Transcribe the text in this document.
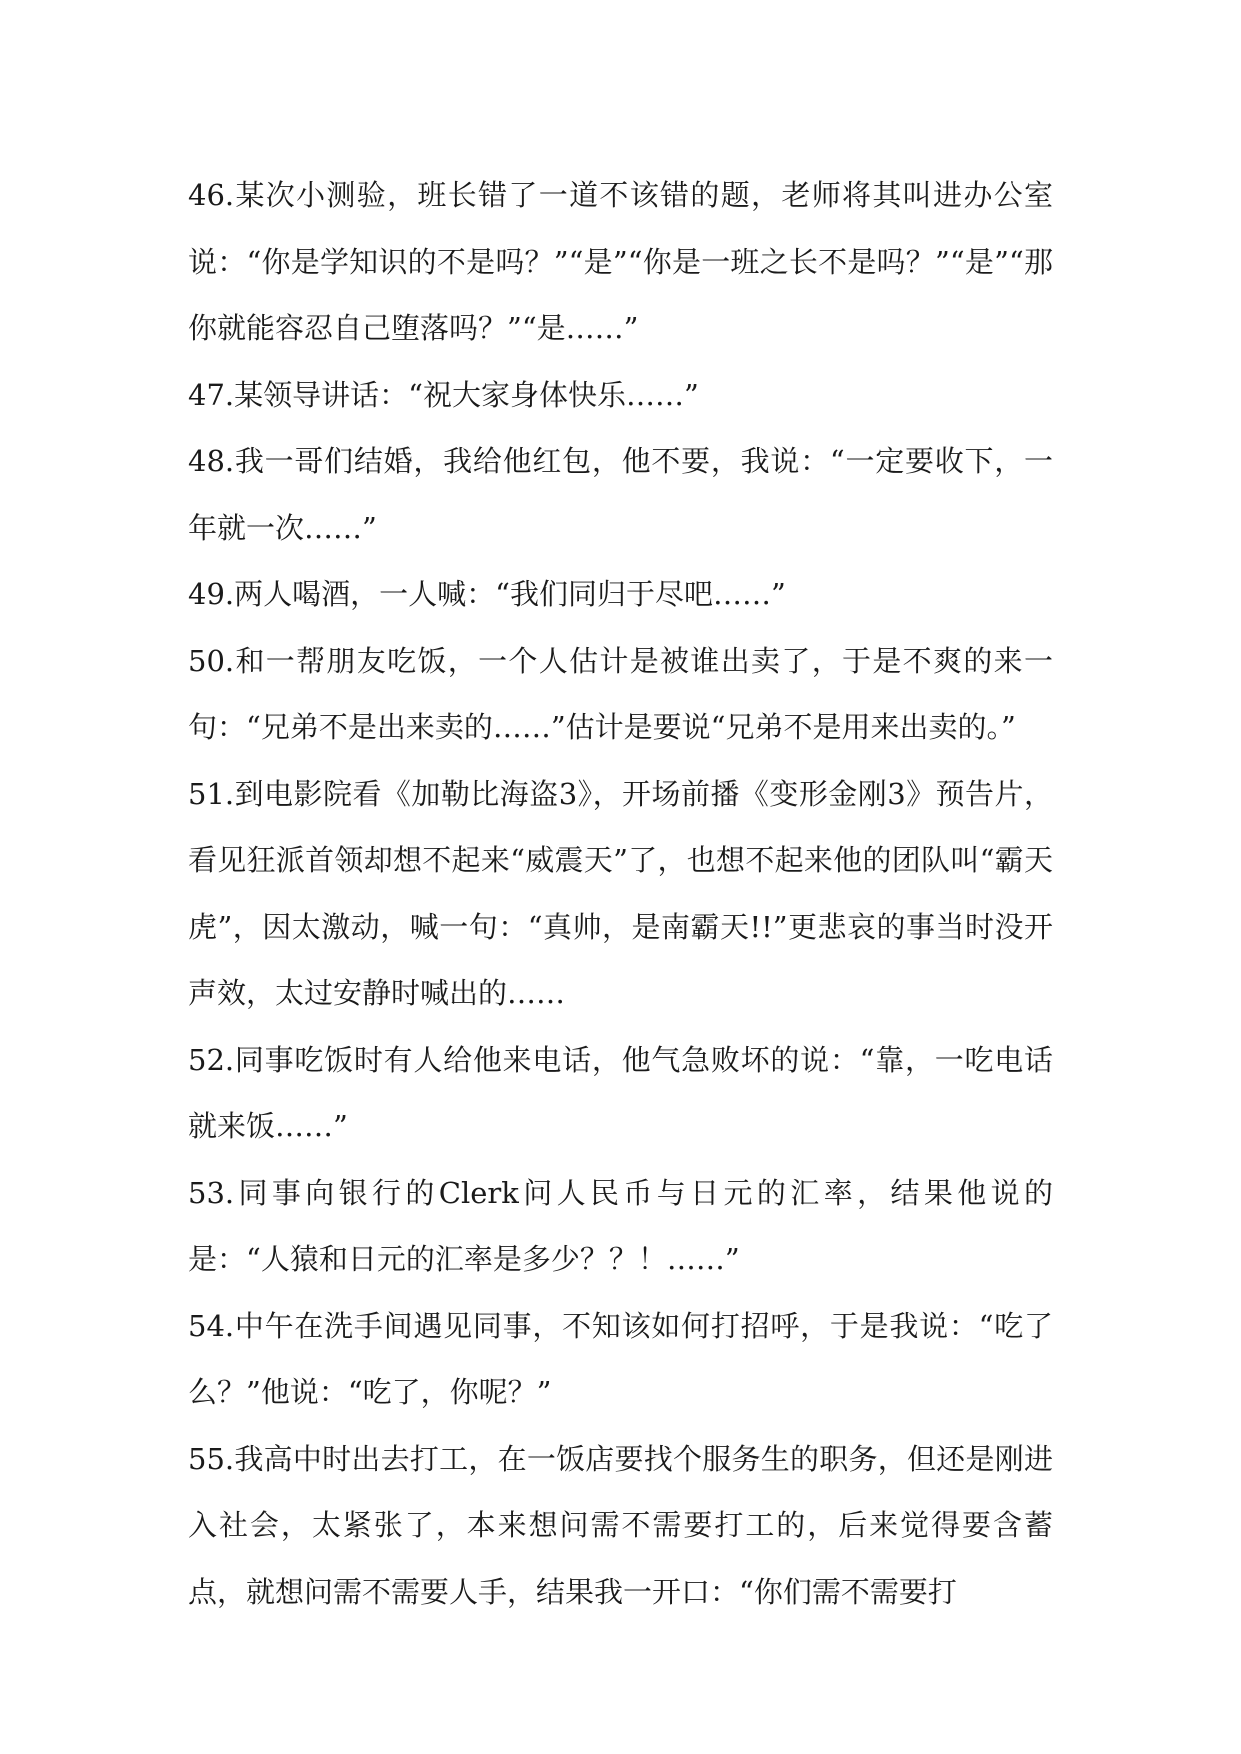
46.某次小测验，班长错了一道不该错的题，老师将其叫进办公室说：“你是学知识的不是吗？”“是”“你是一班之长不是吗？”“是”“那你就能容忍自己堕落吗？”“是……”

47.某领导讲话：“祝大家身体快乐……”

48.我一哥们结婚，我给他红包，他不要，我说：“一定要收下，一年就一次……”

49.两人喝酒，一人喊：“我们同归于尽吧……”

50.和一帮朋友吃饭，一个人估计是被谁出卖了，于是不爽的来一句：“兄弟不是出来卖的……”估计是要说“兄弟不是用来出卖的。”

51.到电影院看《加勒比海盗3》，开场前播《变形金刚3》预告片，看见狂派首领却想不起来“威震天”了，也想不起来他的团队叫“霸天虎”，因太激动，喊一句：“真帅，是南霸天!!”更悲哀的事当时没开声效，太过安静时喊出的……

52.同事吃饭时有人给他来电话，他气急败坏的说：“靠，一吃电话就来饭……”

53.同事向银行的Clerk问人民币与日元的汇率，结果他说的是：“人猿和日元的汇率是多少？？！……”

54.中午在洗手间遇见同事，不知该如何打招呼，于是我说：“吃了么？”他说：“吃了，你呢？”

55.我高中时出去打工，在一饭店要找个服务生的职务，但还是刚进入社会，太紧张了，本来想问需不需要打工的，后来觉得要含蓄点，就想问需不需要人手，结果我一开口：“你们需不需要打
